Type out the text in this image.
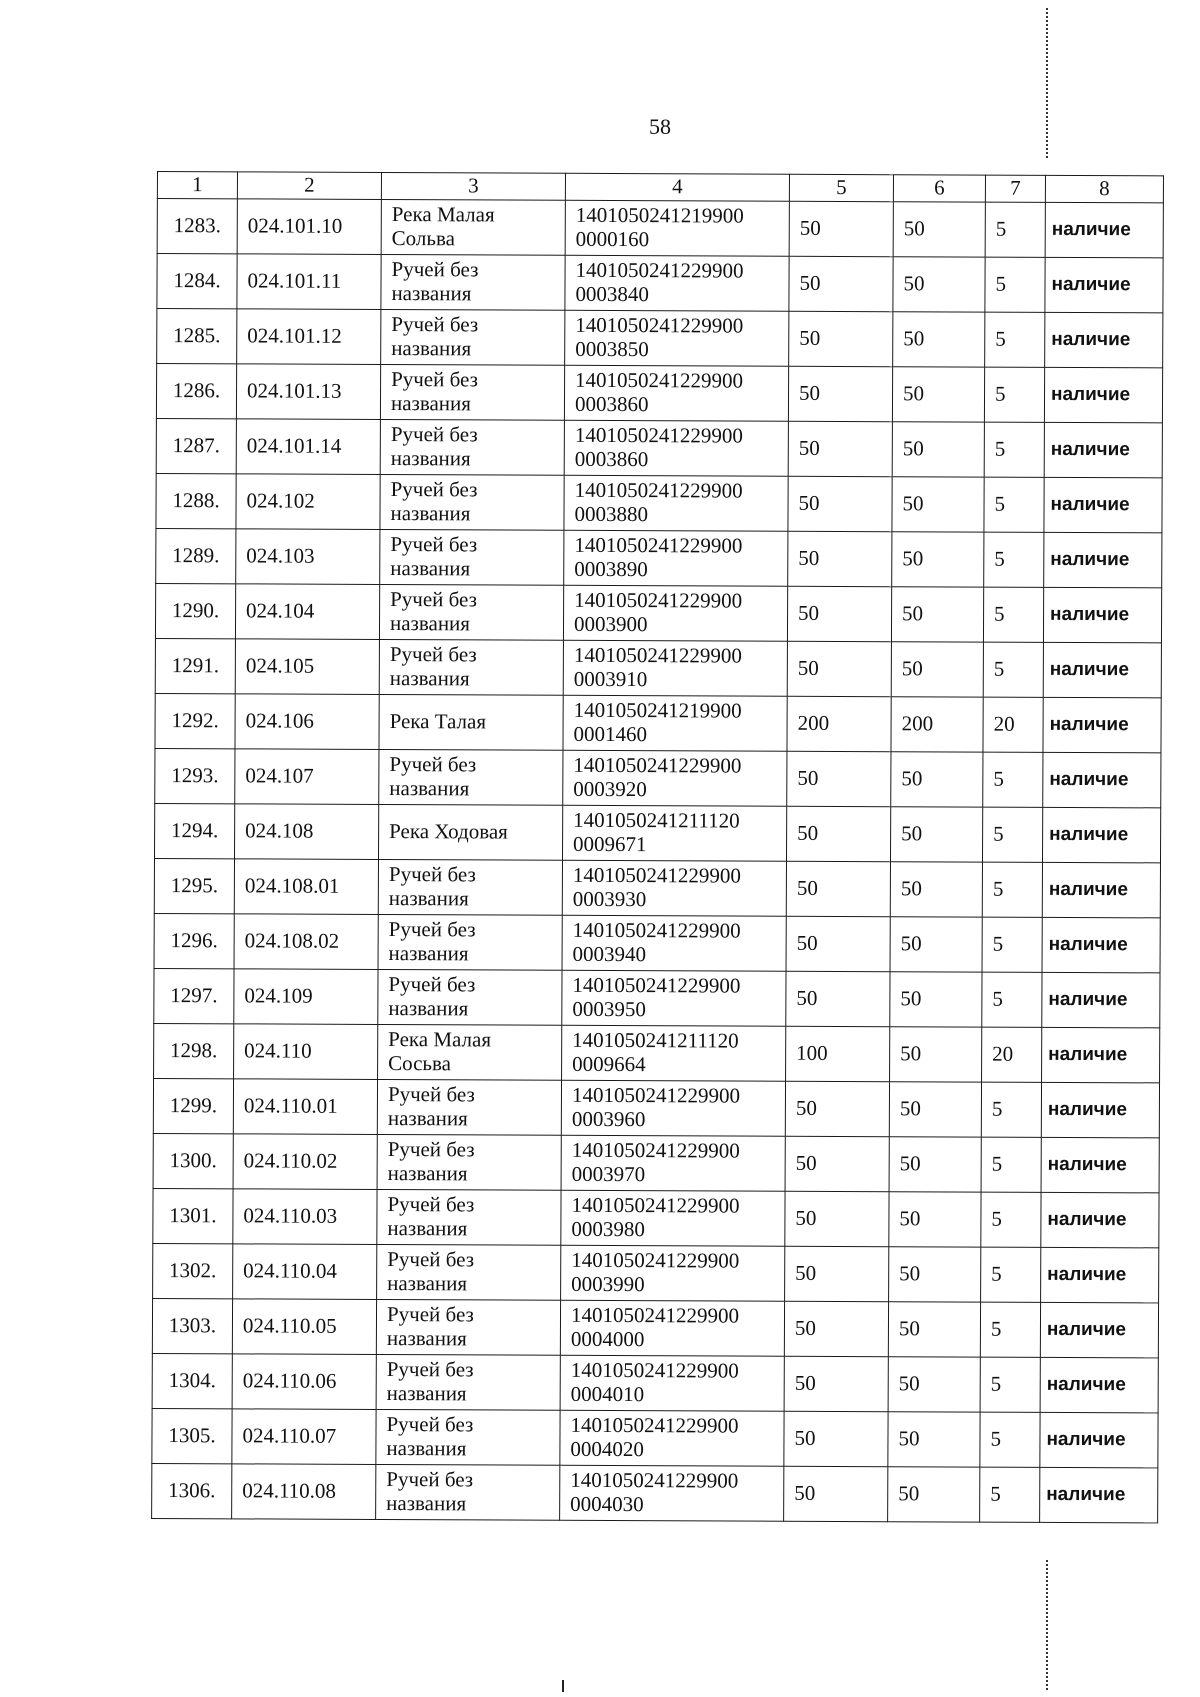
58
1	2	3	4	5	6	7	8
1283.	024.101.10	Река Малая Сольва	1401050241219900 0000160	50	50	5	наличие
1284.	024.101.11	Ручей без названия	1401050241229900 0003840	50	50	5	наличие
1285.	024.101.12	Ручей без названия	1401050241229900 0003850	50	50	5	наличие
1286.	024.101.13	Ручей без названия	1401050241229900 0003860	50	50	5	наличие
1287.	024.101.14	Ручей без названия	1401050241229900 0003860	50	50	5	наличие
1288.	024.102	Ручей без названия	1401050241229900 0003880	50	50	5	наличие
1289.	024.103	Ручей без названия	1401050241229900 0003890	50	50	5	наличие
1290.	024.104	Ручей без названия	1401050241229900 0003900	50	50	5	наличие
1291.	024.105	Ручей без названия	1401050241229900 0003910	50	50	5	наличие
1292.	024.106	Река Талая	1401050241219900 0001460	200	200	20	наличие
1293.	024.107	Ручей без названия	1401050241229900 0003920	50	50	5	наличие
1294.	024.108	Река Ходовая	1401050241211120 0009671	50	50	5	наличие
1295.	024.108.01	Ручей без названия	1401050241229900 0003930	50	50	5	наличие
1296.	024.108.02	Ручей без названия	1401050241229900 0003940	50	50	5	наличие
1297.	024.109	Ручей без названия	1401050241229900 0003950	50	50	5	наличие
1298.	024.110	Река Малая Сосьва	1401050241211120 0009664	100	50	20	наличие
1299.	024.110.01	Ручей без названия	1401050241229900 0003960	50	50	5	наличие
1300.	024.110.02	Ручей без названия	1401050241229900 0003970	50	50	5	наличие
1301.	024.110.03	Ручей без названия	1401050241229900 0003980	50	50	5	наличие
1302.	024.110.04	Ручей без названия	1401050241229900 0003990	50	50	5	наличие
1303.	024.110.05	Ручей без названия	1401050241229900 0004000	50	50	5	наличие
1304.	024.110.06	Ручей без названия	1401050241229900 0004010	50	50	5	наличие
1305.	024.110.07	Ручей без названия	1401050241229900 0004020	50	50	5	наличие
1306.	024.110.08	Ручей без названия	1401050241229900 0004030	50	50	5	наличие
